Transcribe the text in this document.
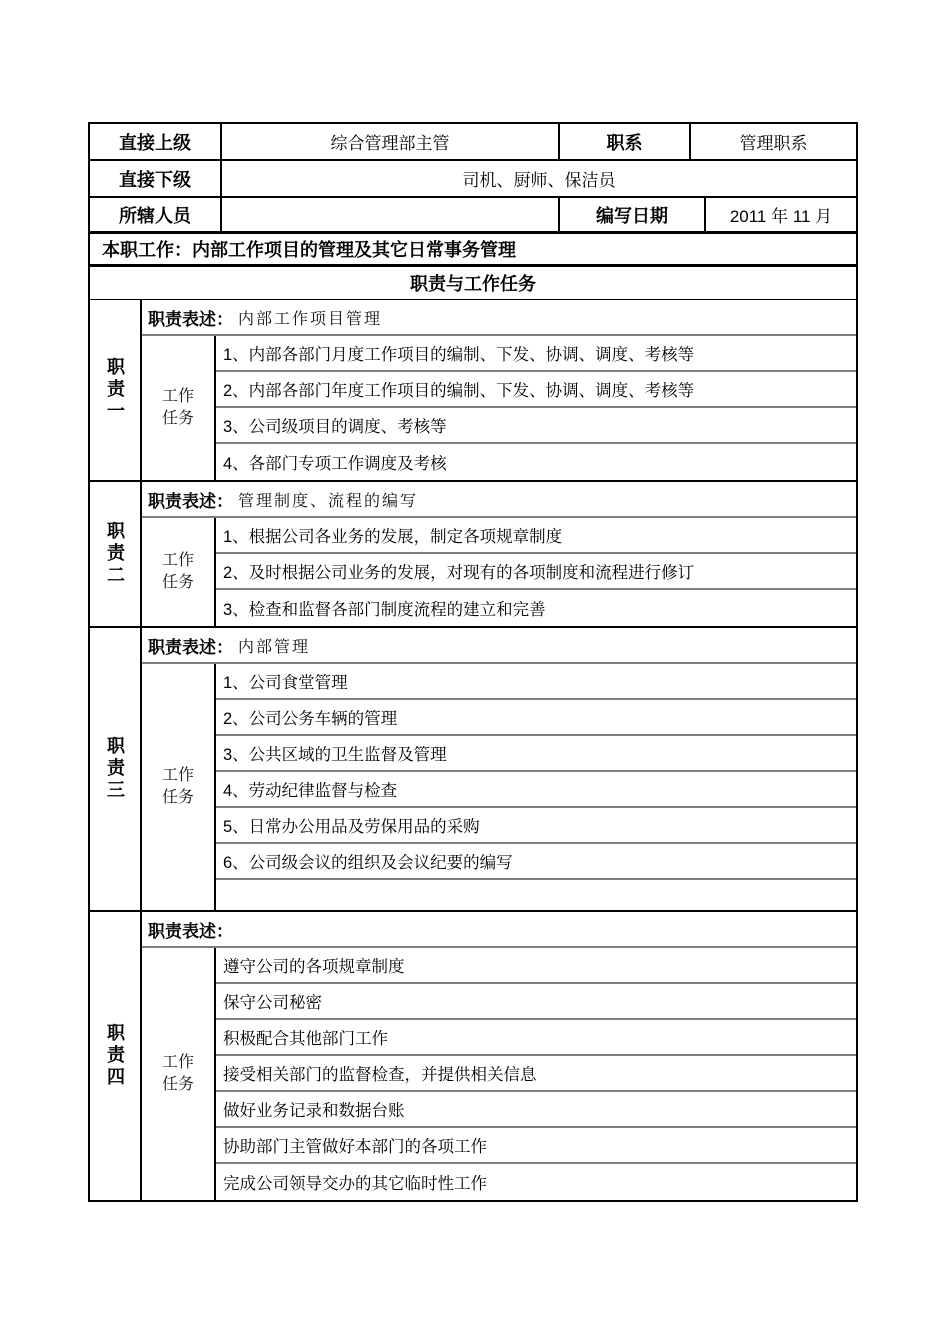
直接上级	综合管理部主管	职系	管理职系
直接下级	司机、厨师、保洁员
所辖人员	编写日期	2011 年 11 月
本职工作： 内部工作项目的管理及其它日常事务管理
职责与工作任务
职责一
职责表述： 内部工作项目管理
工作任务
1、内部各部门月度工作项目的编制、下发、协调、调度、考核等
2、内部各部门年度工作项目的编制、下发、协调、调度、考核等
3、公司级项目的调度、考核等
4、各部门专项工作调度及考核
职责二
职责表述： 管理制度、流程的编写
工作任务
1、根据公司各业务的发展，制定各项规章制度
2、及时根据公司业务的发展，对现有的各项制度和流程进行修订
3、检查和监督各部门制度流程的建立和完善
职责三
职责表述： 内部管理
工作任务
1、公司食堂管理
2、公司公务车辆的管理
3、公共区域的卫生监督及管理
4、劳动纪律监督与检查
5、日常办公用品及劳保用品的采购
6、公司级会议的组织及会议纪要的编写
职责四
职责表述：
工作任务
遵守公司的各项规章制度
保守公司秘密
积极配合其他部门工作
接受相关部门的监督检查，并提供相关信息
做好业务记录和数据台账
协助部门主管做好本部门的各项工作
完成公司领导交办的其它临时性工作
